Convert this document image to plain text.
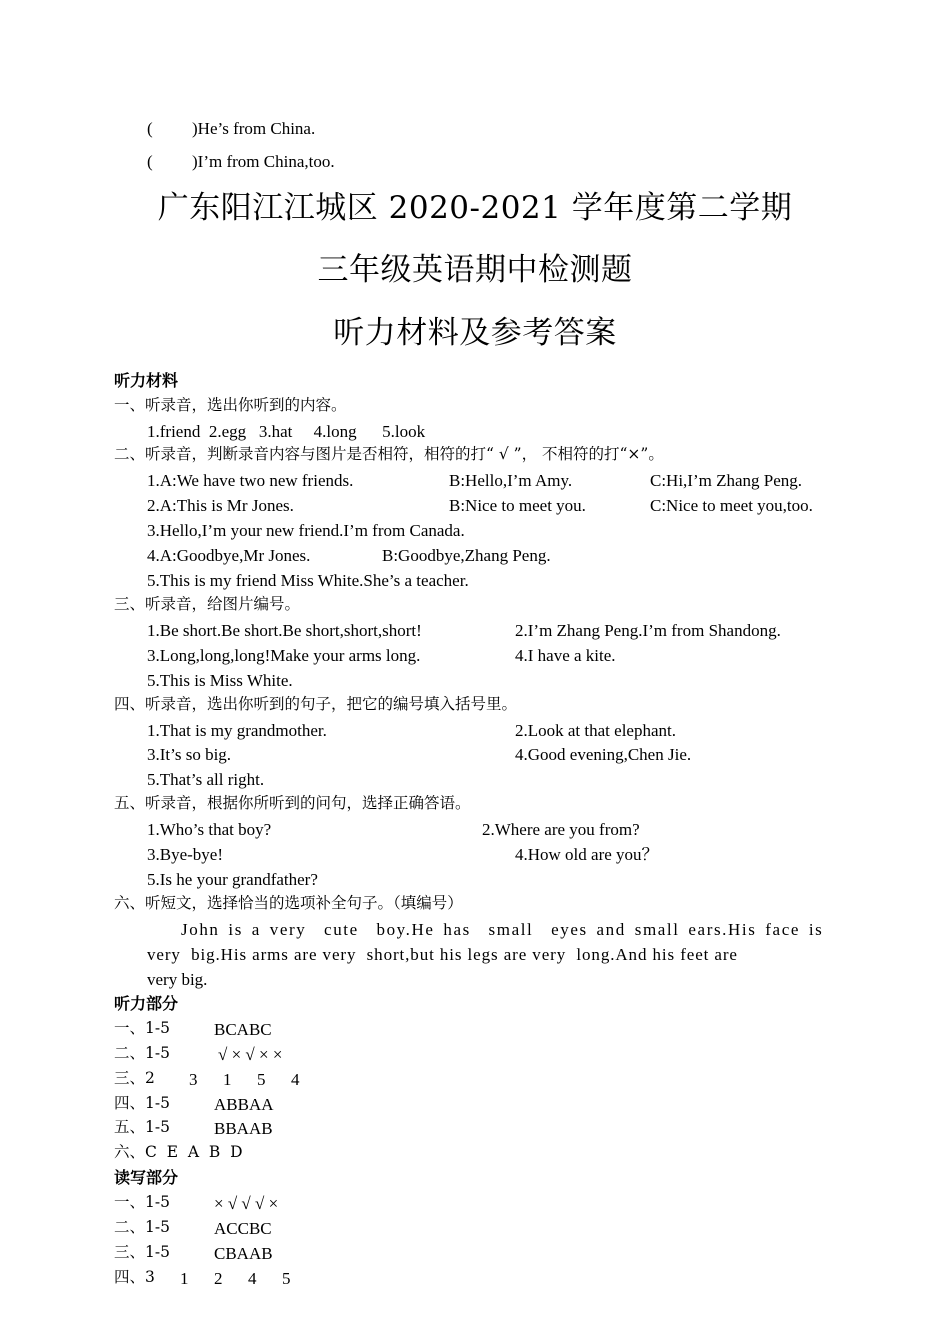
( )He’s from China.
( )I’m from China,too.
广东阳江江城区 2020-2021 学年度第二学期
三年级英语期中检测题
听力材料及参考答案
听力材料
一、听录音，选出你听到的内容。
1.friend  2.egg   3.hat     4.long      5.look
二、听录音，判断录音内容与图片是否相符，相符的打“ √ ”， 不相符的打“×”。
1.A:We have two new friends.	B:Hello,I’m Amy.	C:Hi,I’m Zhang Peng.
2.A:This is Mr Jones.	B:Nice to meet you.	C:Nice to meet you,too.
3.Hello,I’m your new friend.I’m from Canada.
4.A:Goodbye,Mr Jones.	B:Goodbye,Zhang Peng.
5.This is my friend Miss White.She’s a teacher.
三、听录音，给图片编号。
1.Be short.Be short.Be short,short,short!	2.I’m Zhang Peng.I’m from Shandong.
3.Long,long,long!Make your arms long.	4.I have a kite.
5.This is Miss White.
四、听录音，选出你听到的句子，把它的编号填入括号里。
1.That is my grandmother.	2.Look at that elephant.
3.It’s so big.	4.Good evening,Chen Jie.
5.That’s all right.
五、听录音，根据你所听到的问句，选择正确答语。
1.Who’s that boy?	2.Where are you from?
3.Bye-bye!	4.How old are you？
5.Is he your grandfather?
六、听短文，选择恰当的选项补全句子。（填编号）
John is a very  cute  boy.He has  small  eyes and small ears.His face is
very  big.His arms are very  short,but his legs are very  long.And his feet are
very big.
听力部分
一、1-5	BCABC
二、1-5	√ × √ × ×
三、2 3      1      5      4
四、1-5	ABBAA
五、1-5	BBAAB
六、C  E  A  B  D
读写部分
一、1-5	× √ √ √ ×
二、1-5	ACCBC
三、1-5	CBAAB
四、3 1      2      4      5
